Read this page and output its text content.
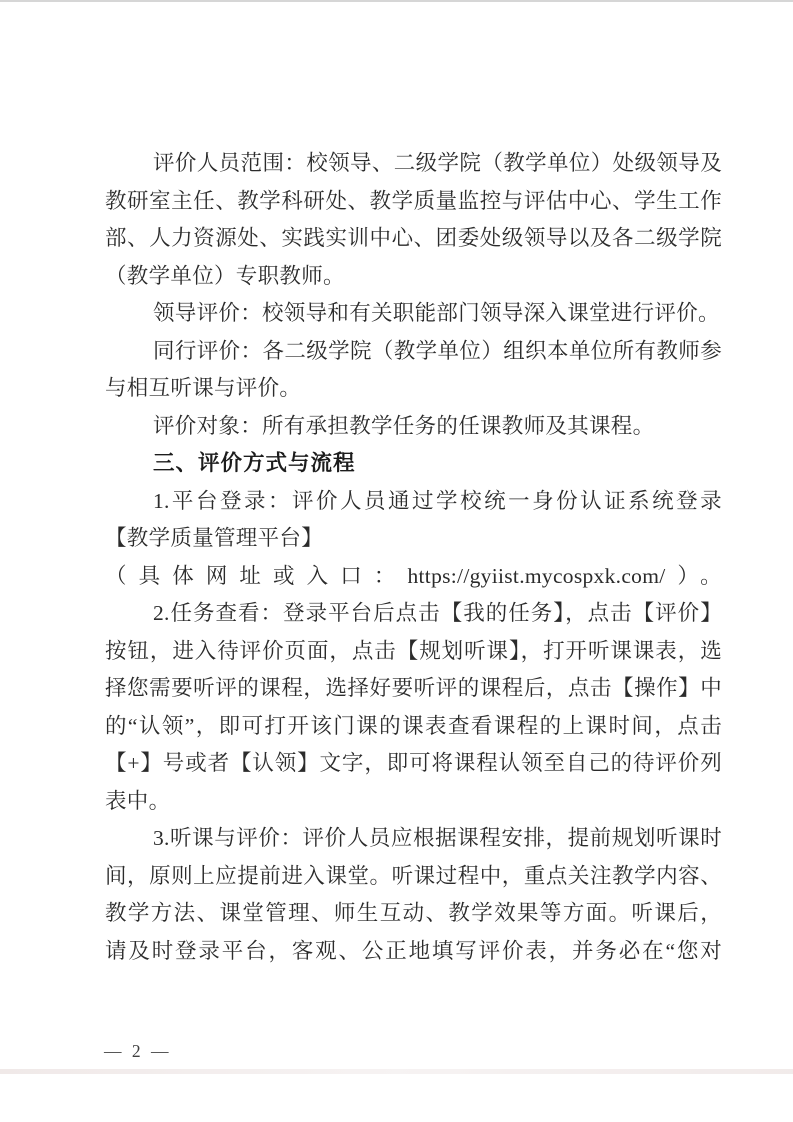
评价人员范围：校领导、二级学院（教学单位）处级领导及
教研室主任、教学科研处、教学质量监控与评估中心、学生工作
部、人力资源处、实践实训中心、团委处级领导以及各二级学院
（教学单位）专职教师。
领导评价：校领导和有关职能部门领导深入课堂进行评价。
同行评价：各二级学院（教学单位）组织本单位所有教师参
与相互听课与评价。
评价对象：所有承担教学任务的任课教师及其课程。
三、评价方式与流程
1.平台登录：评价人员通过学校统一身份认证系统登录
【教学质量管理平台】
（具体网址或入口：https://gyiist.mycospxk.com/）。
2.任务查看：登录平台后点击【我的任务】，点击【评价】
按钮，进入待评价页面，点击【规划听课】，打开听课课表，选
择您需要听评的课程，选择好要听评的课程后，点击【操作】中
的“认领”，即可打开该门课的课表查看课程的上课时间，点击
【+】号或者【认领】文字，即可将课程认领至自己的待评价列
表中。
3.听课与评价：评价人员应根据课程安排，提前规划听课时
间，原则上应提前进入课堂。听课过程中，重点关注教学内容、
教学方法、课堂管理、师生互动、教学效果等方面。听课后，
请及时登录平台，客观、公正地填写评价表，并务必在“您对
— 2 —
